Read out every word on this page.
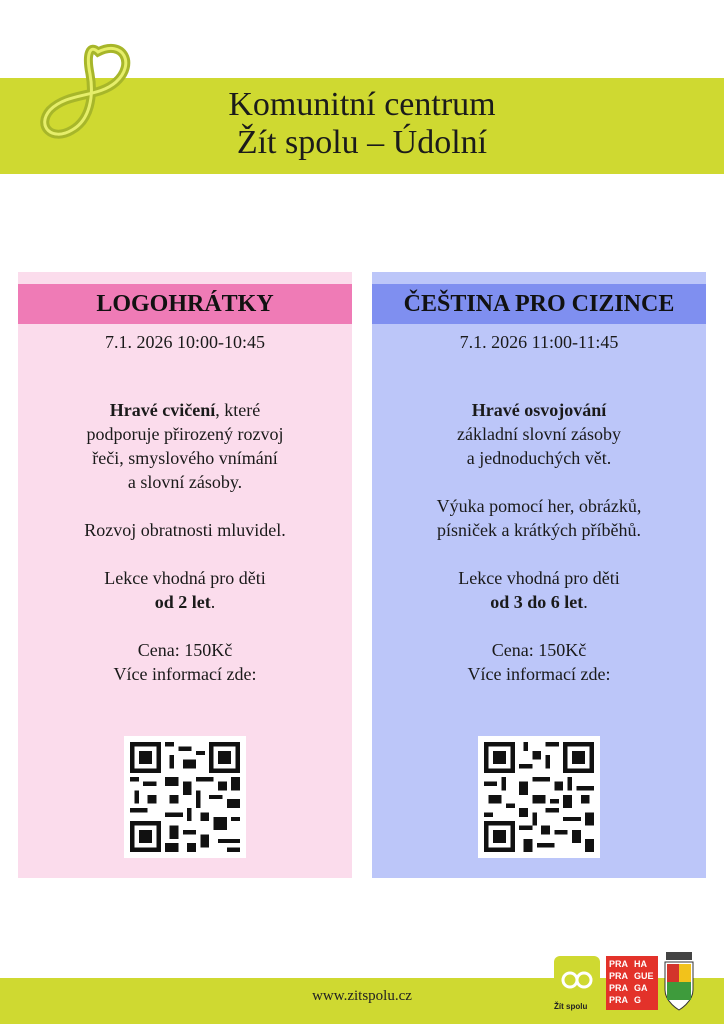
Komunitní centrum
Žít spolu – Údolní
LOGOHRÁTKY

7.1. 2026 10:00-10:45

Hravé cvičení, které

podporuje přirozený rozvoj

řeči, smyslového vnímání

a slovní zásoby.

Rozvoj obratnosti mluvidel.

Lekce vhodná pro děti

od 2 let.

Cena: 150Kč

Více informací zde:

ČEŠTINA PRO CIZINCE

7.1. 2026 11:00-11:45

Hravé osvojování

základní slovní zásoby

a jednoduchých vět.

Výuka pomocí her, obrázků,

písniček a krátkých příběhů.

Lekce vhodná pro děti

od 3 do 6 let.

Cena: 150Kč

Více informací zde:

www.zitspolu.cz
Žít spolu
PRA
PRA
PRA
PRA
HA
GUE
GA
G
